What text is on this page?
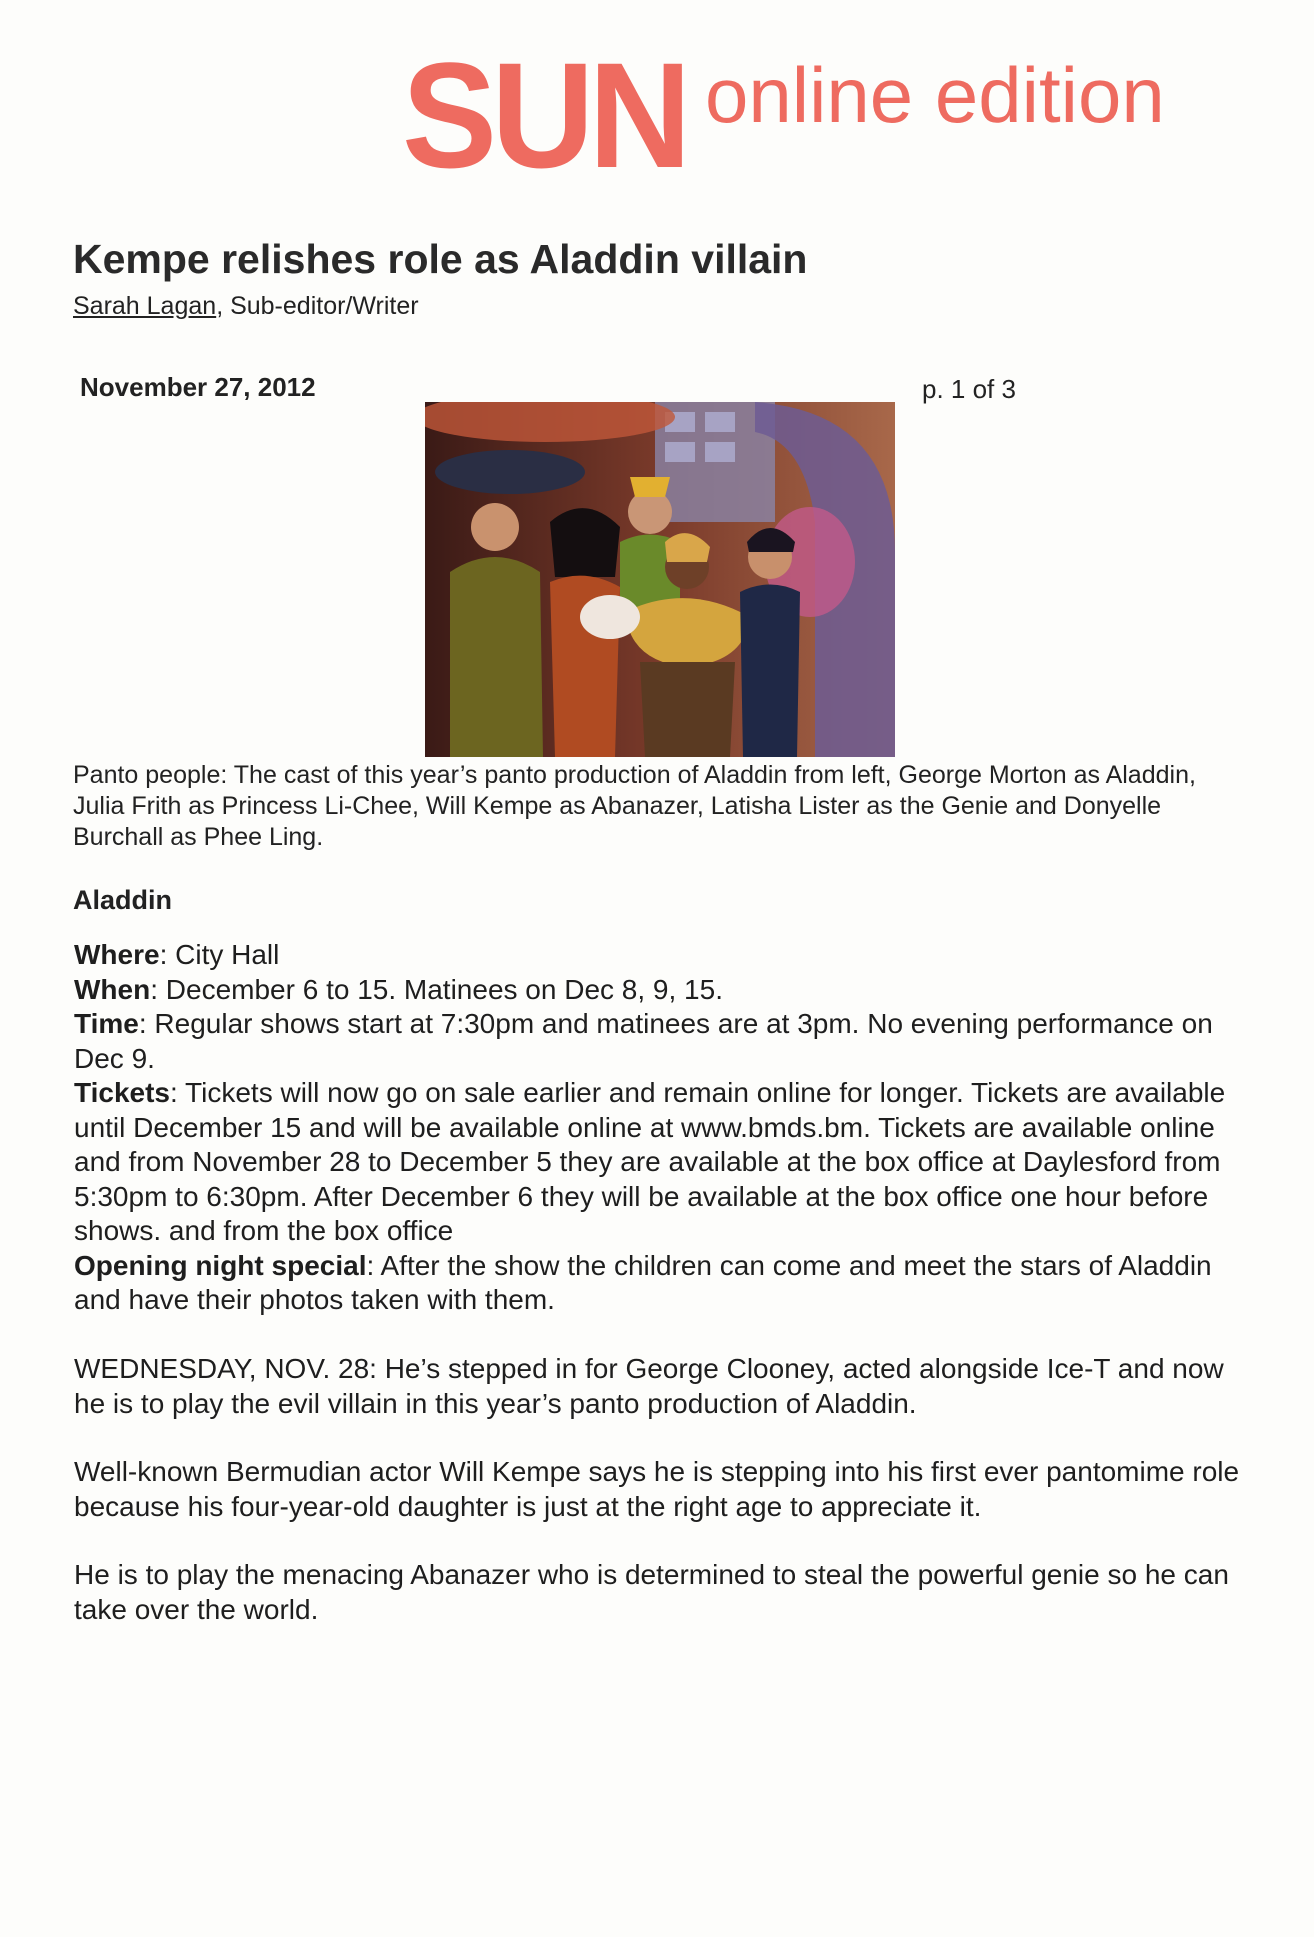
SUN online edition
Kempe relishes role as Aladdin villain
Sarah Lagan, Sub-editor/Writer
November 27, 2012	p. 1 of 3
Panto people: The cast of this year’s panto production of Aladdin from left, George Morton as Aladdin, Julia Frith as Princess Li-Chee, Will Kempe as Abanazer, Latisha Lister as the Genie and Donyelle Burchall as Phee Ling.
Aladdin
Where: City Hall
When: December 6 to 15. Matinees on Dec 8, 9, 15.
Time: Regular shows start at 7:30pm and matinees are at 3pm. No evening performance on Dec 9.
Tickets: Tickets will now go on sale earlier and remain online for longer. Tickets are available until December 15 and will be available online at www.bmds.bm. Tickets are available online and from November 28 to December 5 they are available at the box office at Daylesford from 5:30pm to 6:30pm. After December 6 they will be available at the box office one hour before shows. and from the box office
Opening night special: After the show the children can come and meet the stars of Aladdin and have their photos taken with them.

WEDNESDAY, NOV. 28: He’s stepped in for George Clooney, acted alongside Ice-T and now he is to play the evil villain in this year’s panto production of Aladdin.

Well-known Bermudian actor Will Kempe says he is stepping into his first ever pantomime role because his four-year-old daughter is just at the right age to appreciate it.

He is to play the menacing Abanazer who is determined to steal the powerful genie so he can take over the world.
